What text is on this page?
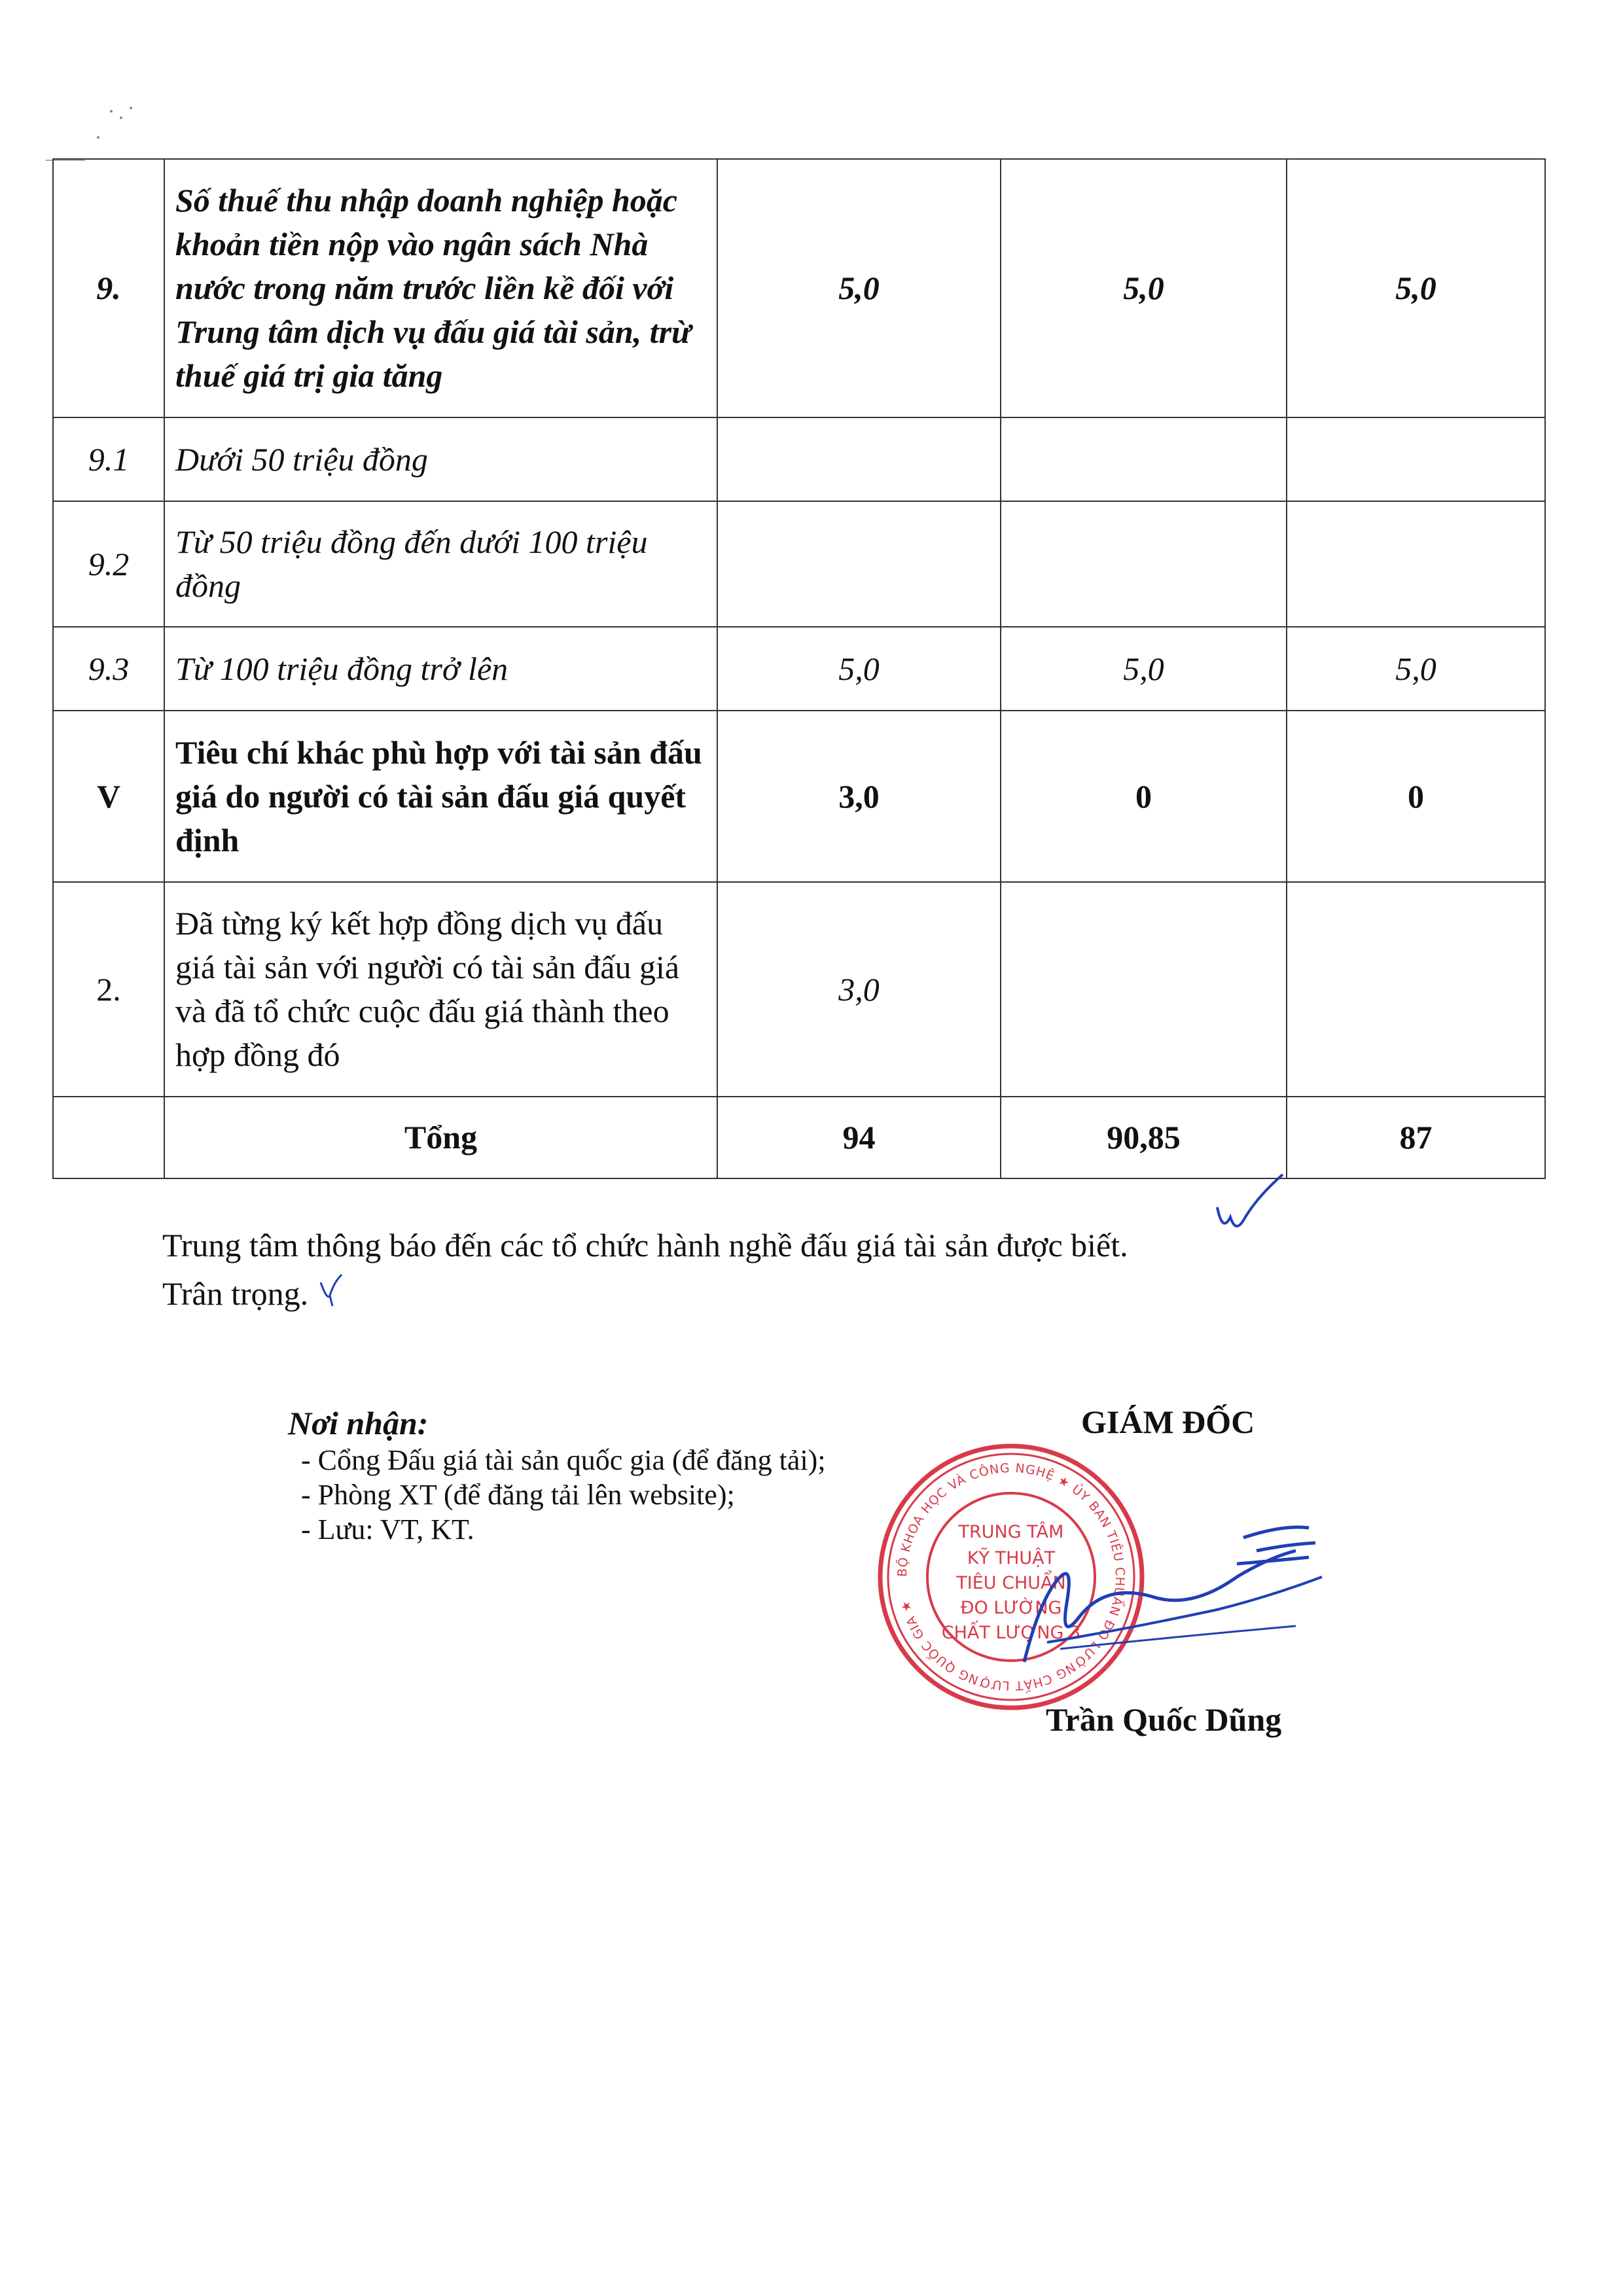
9.	Số thuế thu nhập doanh nghiệp hoặc khoản tiền nộp vào ngân sách Nhà nước trong năm trước liền kề đối với Trung tâm dịch vụ đấu giá tài sản, trừ thuế giá trị gia tăng	5,0	5,0	5,0
9.1	Dưới 50 triệu đồng			
9.2	Từ 50 triệu đồng đến dưới 100 triệu đồng			
9.3	Từ 100 triệu đồng trở lên	5,0	5,0	5,0
V	Tiêu chí khác phù hợp với tài sản đấu giá do người có tài sản đấu giá quyết định	3,0	0	0
2.	Đã từng ký kết hợp đồng dịch vụ đấu giá tài sản với người có tài sản đấu giá và đã tổ chức cuộc đấu giá thành theo hợp đồng đó	3,0		
	Tổng	94	90,85	87
Trung tâm thông báo đến các tổ chức hành nghề đấu giá tài sản được biết.
Trân trọng.
Nơi nhận:
- Cổng Đấu giá tài sản quốc gia (để đăng tải);
- Phòng XT (để đăng tải lên website);
- Lưu: VT, KT.
GIÁM ĐỐC
BỘ KHOA HỌC VÀ CÔNG NGHỆ ★ ỦY BAN TIÊU CHUẨN ĐO LƯỜNG CHẤT LƯỢNG QUỐC GIA ★
TRUNG TÂM
KỸ THUẬT
TIÊU CHUẨN
ĐO LƯỜNG
CHẤT LƯỢNG 3
Trần Quốc Dũng
